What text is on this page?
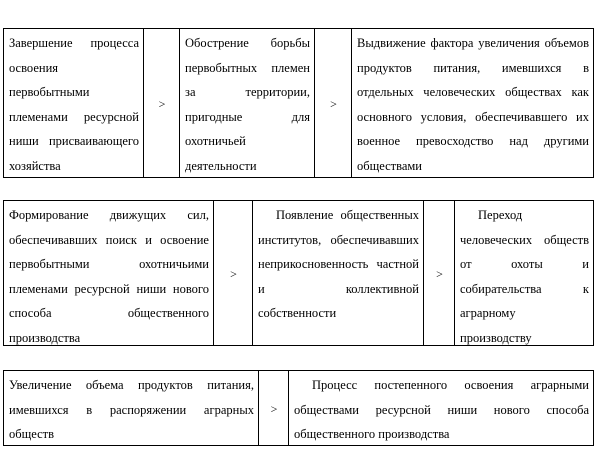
Завершение процесса освоения первобытными племенами ресурсной ниши присваивающего хозяйства
>
Обострение борьбы первобытных племен за территории, пригодные для охотничьей деятельности
>
Выдвижение фактора увеличения объемов продуктов питания, имевшихся в отдельных человеческих обществах как основного условия, обеспечивавшего их военное превосходство над другими обществами
Формирование движущих сил, обеспечивавших поиск и освоение первобытными охотничьими племенами ресурсной ниши нового способа общественного производства
>
Появление общественных институтов, обеспечивавших неприкосновенность частной и коллективной собственности
>
Переход человеческих обществ от охоты и собирательства к аграрному производству
Увеличение объема продуктов питания, имевшихся в распоряжении аграрных обществ
>
Процесс постепенного освоения аграрными обществами ресурсной ниши нового способа общественного производства
